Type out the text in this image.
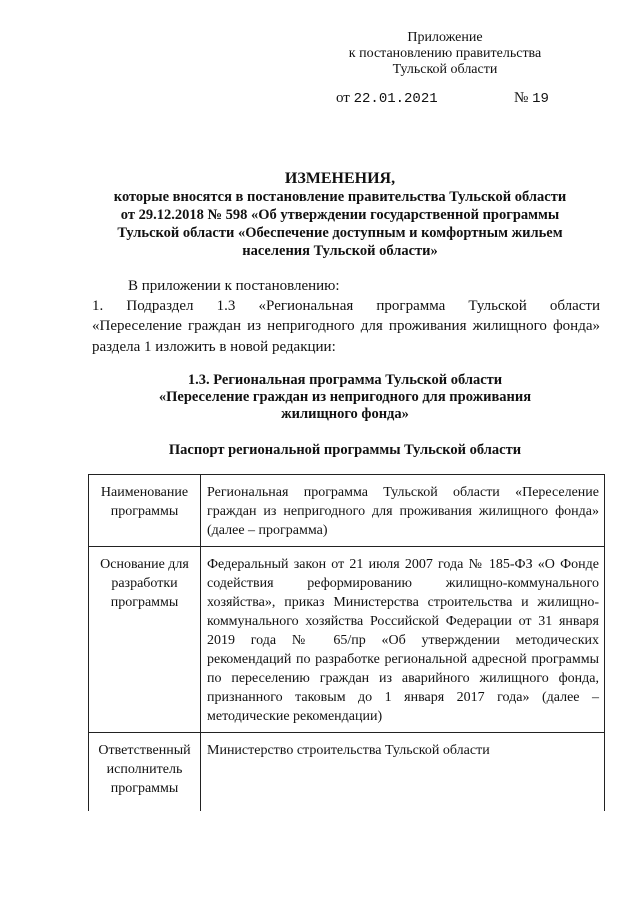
Приложение
к постановлению правительства
Тульской области
от 22.01.2021	№ 19
ИЗМЕНЕНИЯ,
которые вносятся в постановление правительства Тульской области
от 29.12.2018 № 598 «Об утверждении государственной программы
Тульской области «Обеспечение доступным и комфортным жильем
населения Тульской области»
В приложении к постановлению:
1.   Подраздел   1.3   «Региональная   программа   Тульской   области
«Переселение граждан из непригодного для проживания жилищного фонда»
раздела 1 изложить в новой редакции:
1.3. Региональная программа Тульской области
«Переселение граждан из непригодного для проживания
жилищного фонда»
Паспорт региональной программы Тульской области
Наименование программы	Региональная программа Тульской области «Переселение граждан из непригодного для проживания жилищного фонда» (далее – программа)
Основание для разработки программы	Федеральный закон от 21 июля 2007 года № 185-ФЗ «О Фонде содействия реформированию жилищно-коммунального хозяйства», приказ Министерства строительства и жилищно-коммунального хозяйства Российской Федерации от 31 января 2019 года № 65/пр «Об утверждении методических рекомендаций по разработке региональной адресной программы по переселению граждан из аварийного жилищного фонда, признанного таковым до 1 января 2017 года» (далее – методические рекомендации)
Ответственный исполнитель программы	Министерство строительства Тульской области
